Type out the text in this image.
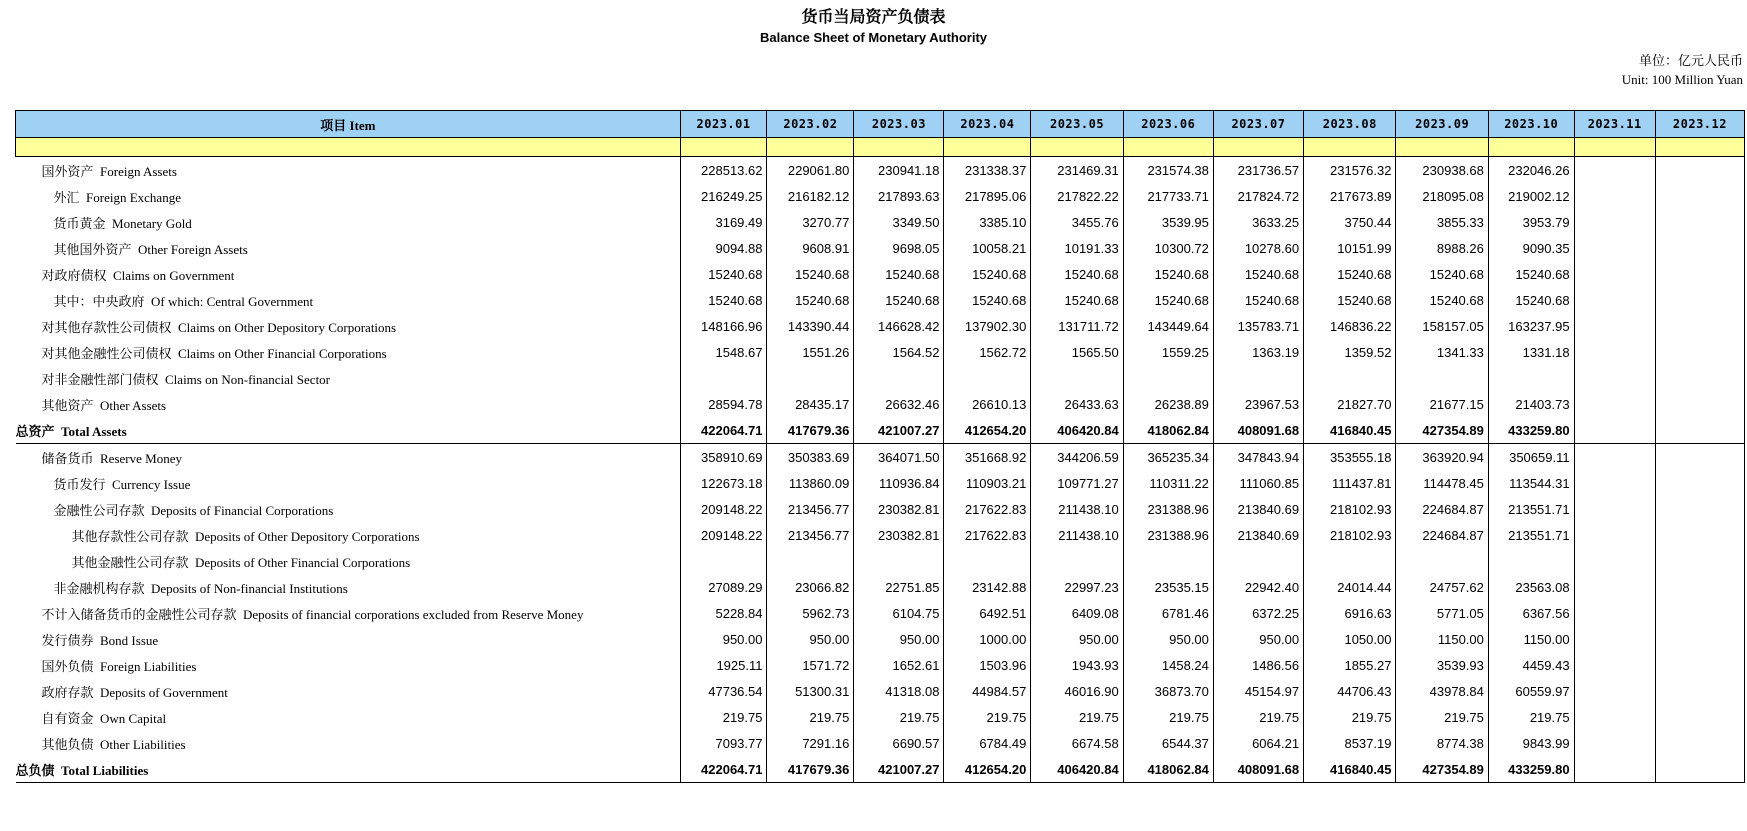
货币当局资产负债表
Balance Sheet of Monetary Authority
单位：亿元人民币
Unit: 100 Million Yuan
项目 Item	2023.01	2023.02	2023.03	2023.04	2023.05	2023.06	2023.07	2023.08	2023.09	2023.10	2023.11	2023.12

国外资产 Foreign Assets	228513.62	229061.80	230941.18	231338.37	231469.31	231574.38	231736.57	231576.32	230938.68	232046.26		
外汇 Foreign Exchange	216249.25	216182.12	217893.63	217895.06	217822.22	217733.71	217824.72	217673.89	218095.08	219002.12		
货币黄金 Monetary Gold	3169.49	3270.77	3349.50	3385.10	3455.76	3539.95	3633.25	3750.44	3855.33	3953.79		
其他国外资产 Other Foreign Assets	9094.88	9608.91	9698.05	10058.21	10191.33	10300.72	10278.60	10151.99	8988.26	9090.35		
对政府债权 Claims on Government	15240.68	15240.68	15240.68	15240.68	15240.68	15240.68	15240.68	15240.68	15240.68	15240.68		
其中：中央政府 Of which: Central Government	15240.68	15240.68	15240.68	15240.68	15240.68	15240.68	15240.68	15240.68	15240.68	15240.68		
对其他存款性公司债权 Claims on Other Depository Corporations	148166.96	143390.44	146628.42	137902.30	131711.72	143449.64	135783.71	146836.22	158157.05	163237.95		
对其他金融性公司债权 Claims on Other Financial Corporations	1548.67	1551.26	1564.52	1562.72	1565.50	1559.25	1363.19	1359.52	1341.33	1331.18		
对非金融性部门债权 Claims on Non-financial Sector												
其他资产 Other Assets	28594.78	28435.17	26632.46	26610.13	26433.63	26238.89	23967.53	21827.70	21677.15	21403.73		
总资产 Total Assets	422064.71	417679.36	421007.27	412654.20	406420.84	418062.84	408091.68	416840.45	427354.89	433259.80		
储备货币 Reserve Money	358910.69	350383.69	364071.50	351668.92	344206.59	365235.34	347843.94	353555.18	363920.94	350659.11		
货币发行 Currency Issue	122673.18	113860.09	110936.84	110903.21	109771.27	110311.22	111060.85	111437.81	114478.45	113544.31		
金融性公司存款 Deposits of Financial Corporations	209148.22	213456.77	230382.81	217622.83	211438.10	231388.96	213840.69	218102.93	224684.87	213551.71		
其他存款性公司存款 Deposits of Other Depository Corporations	209148.22	213456.77	230382.81	217622.83	211438.10	231388.96	213840.69	218102.93	224684.87	213551.71		
其他金融性公司存款 Deposits of Other Financial Corporations												
非金融机构存款 Deposits of Non-financial Institutions	27089.29	23066.82	22751.85	23142.88	22997.23	23535.15	22942.40	24014.44	24757.62	23563.08		
不计入储备货币的金融性公司存款 Deposits of financial corporations excluded from Reserve Money	5228.84	5962.73	6104.75	6492.51	6409.08	6781.46	6372.25	6916.63	5771.05	6367.56		
发行债券 Bond Issue	950.00	950.00	950.00	1000.00	950.00	950.00	950.00	1050.00	1150.00	1150.00		
国外负债 Foreign Liabilities	1925.11	1571.72	1652.61	1503.96	1943.93	1458.24	1486.56	1855.27	3539.93	4459.43		
政府存款 Deposits of Government	47736.54	51300.31	41318.08	44984.57	46016.90	36873.70	45154.97	44706.43	43978.84	60559.97		
自有资金 Own Capital	219.75	219.75	219.75	219.75	219.75	219.75	219.75	219.75	219.75	219.75		
其他负债 Other Liabilities	7093.77	7291.16	6690.57	6784.49	6674.58	6544.37	6064.21	8537.19	8774.38	9843.99		
总负债 Total Liabilities	422064.71	417679.36	421007.27	412654.20	406420.84	418062.84	408091.68	416840.45	427354.89	433259.80		
